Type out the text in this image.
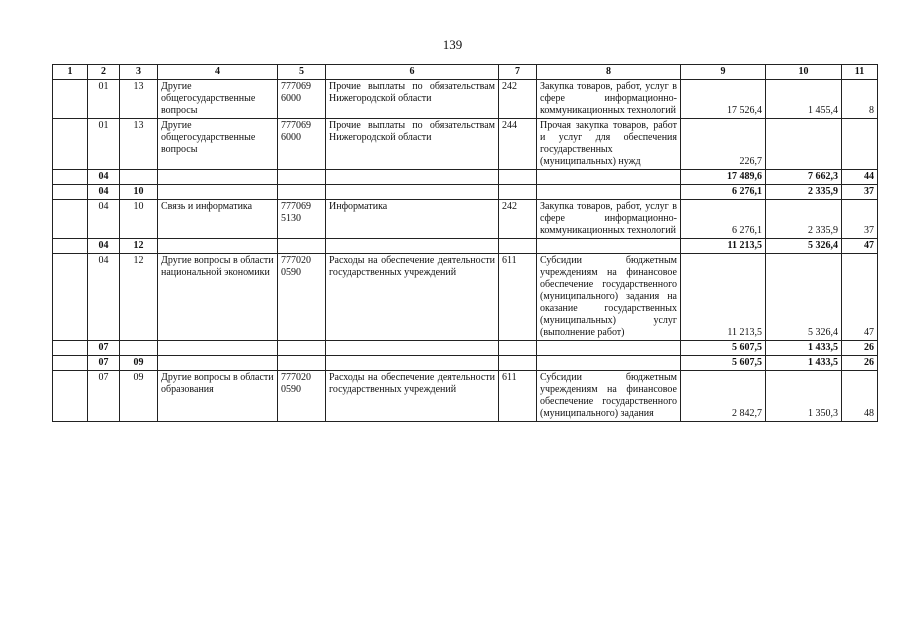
139
1	2	3	4	5	6	7	8	9	10	11
	01	13	Другие общегосударственные вопросы	777069 6000	Прочие выплаты по обязательствам Нижегородской области	242	Закупка товаров, работ, услуг в сфере информационно-коммуникационных технологий	17 526,4	1 455,4	8
	01	13	Другие общегосударственные вопросы	777069 6000	Прочие выплаты по обязательствам Нижегородской области	244	Прочая закупка товаров, работ и услуг для обеспечения государственных (муниципальных) нужд	226,7		
	04							17 489,6	7 662,3	44
	04	10						6 276,1	2 335,9	37
	04	10	Связь и информатика	777069 5130	Информатика	242	Закупка товаров, работ, услуг в сфере информационно-коммуникационных технологий	6 276,1	2 335,9	37
	04	12						11 213,5	5 326,4	47
	04	12	Другие вопросы в области национальной экономики	777020 0590	Расходы на обеспечение деятельности государственных учреждений	611	Субсидии бюджетным учреждениям на финансовое обеспечение государственного (муниципального) задания на оказание государственных (муниципальных) услуг (выполнение работ)	11 213,5	5 326,4	47
	07							5 607,5	1 433,5	26
	07	09						5 607,5	1 433,5	26
	07	09	Другие вопросы в области образования	777020 0590	Расходы на обеспечение деятельности государственных учреждений	611	Субсидии бюджетным учреждениям на финансовое обеспечение государственного (муниципального) задания	2 842,7	1 350,3	48
